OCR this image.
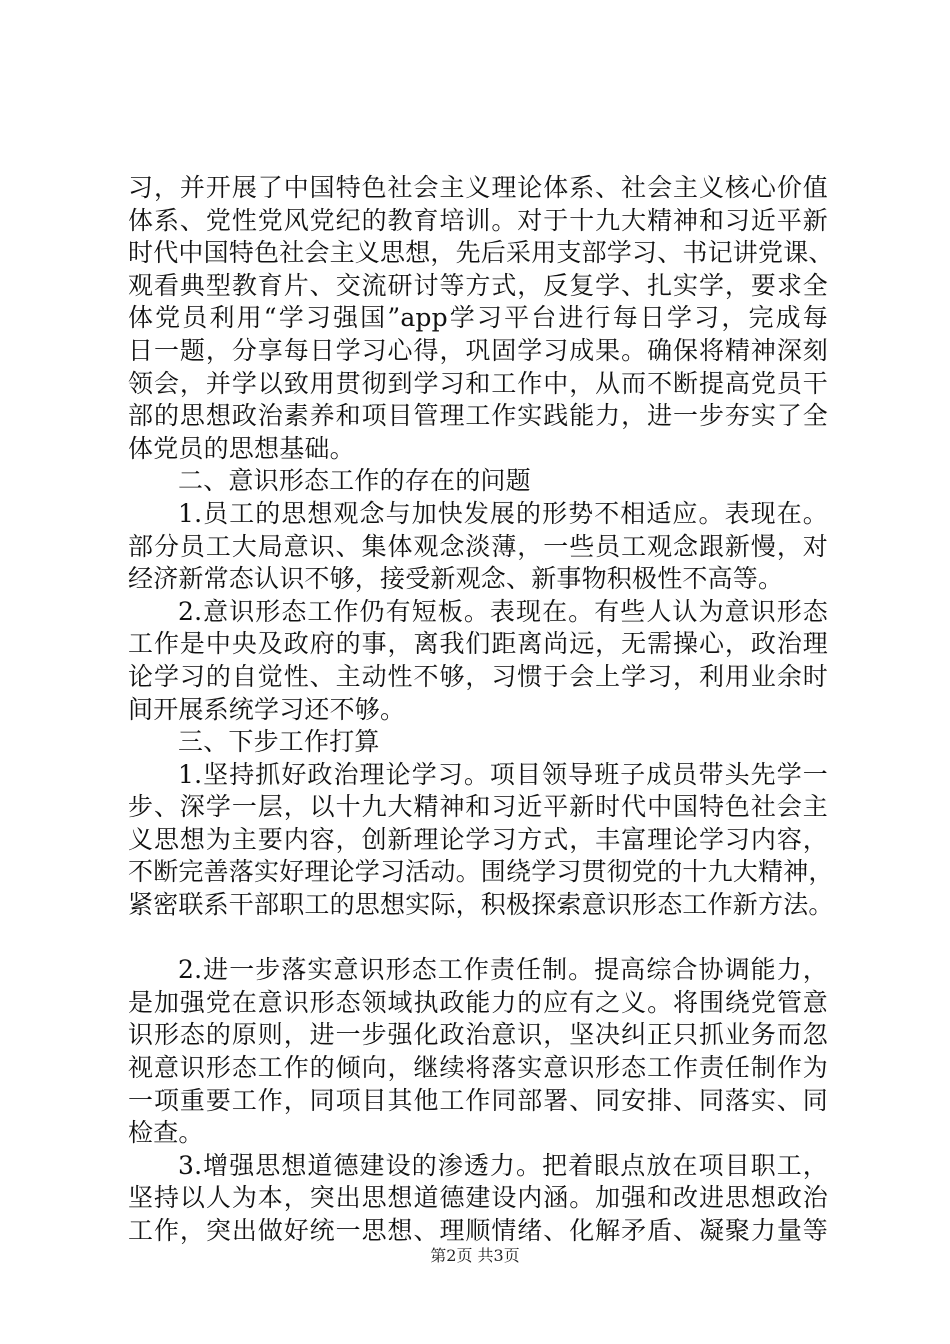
习，并开展了中国特色社会主义理论体系、社会主义核心价值
体系、党性党风党纪的教育培训。对于十九大精神和习近平新
时代中国特色社会主义思想，先后采用支部学习、书记讲党课、
观看典型教育片、交流研讨等方式，反复学、扎实学，要求全
体党员利用“学习强国”app学习平台进行每日学习，完成每
日一题，分享每日学习心得，巩固学习成果。确保将精神深刻
领会，并学以致用贯彻到学习和工作中，从而不断提高党员干
部的思想政治素养和项目管理工作实践能力，进一步夯实了全
体党员的思想基础。
二、意识形态工作的存在的问题
1.员工的思想观念与加快发展的形势不相适应。表现在。
部分员工大局意识、集体观念淡薄，一些员工观念跟新慢，对
经济新常态认识不够，接受新观念、新事物积极性不高等。
2.意识形态工作仍有短板。表现在。有些人认为意识形态
工作是中央及政府的事，离我们距离尚远，无需操心，政治理
论学习的自觉性、主动性不够，习惯于会上学习，利用业余时
间开展系统学习还不够。
三、下步工作打算
1.坚持抓好政治理论学习。项目领导班子成员带头先学一
步、深学一层，以十九大精神和习近平新时代中国特色社会主
义思想为主要内容，创新理论学习方式，丰富理论学习内容，
不断完善落实好理论学习活动。围绕学习贯彻党的十九大精神，
紧密联系干部职工的思想实际，积极探索意识形态工作新方法。
2.进一步落实意识形态工作责任制。提高综合协调能力，
是加强党在意识形态领域执政能力的应有之义。将围绕党管意
识形态的原则，进一步强化政治意识，坚决纠正只抓业务而忽
视意识形态工作的倾向，继续将落实意识形态工作责任制作为
一项重要工作，同项目其他工作同部署、同安排、同落实、同
检查。
3.增强思想道德建设的渗透力。把着眼点放在项目职工，
坚持以人为本，突出思想道德建设内涵。加强和改进思想政治
工作，突出做好统一思想、理顺情绪、化解矛盾、凝聚力量等
第2页 共3页
